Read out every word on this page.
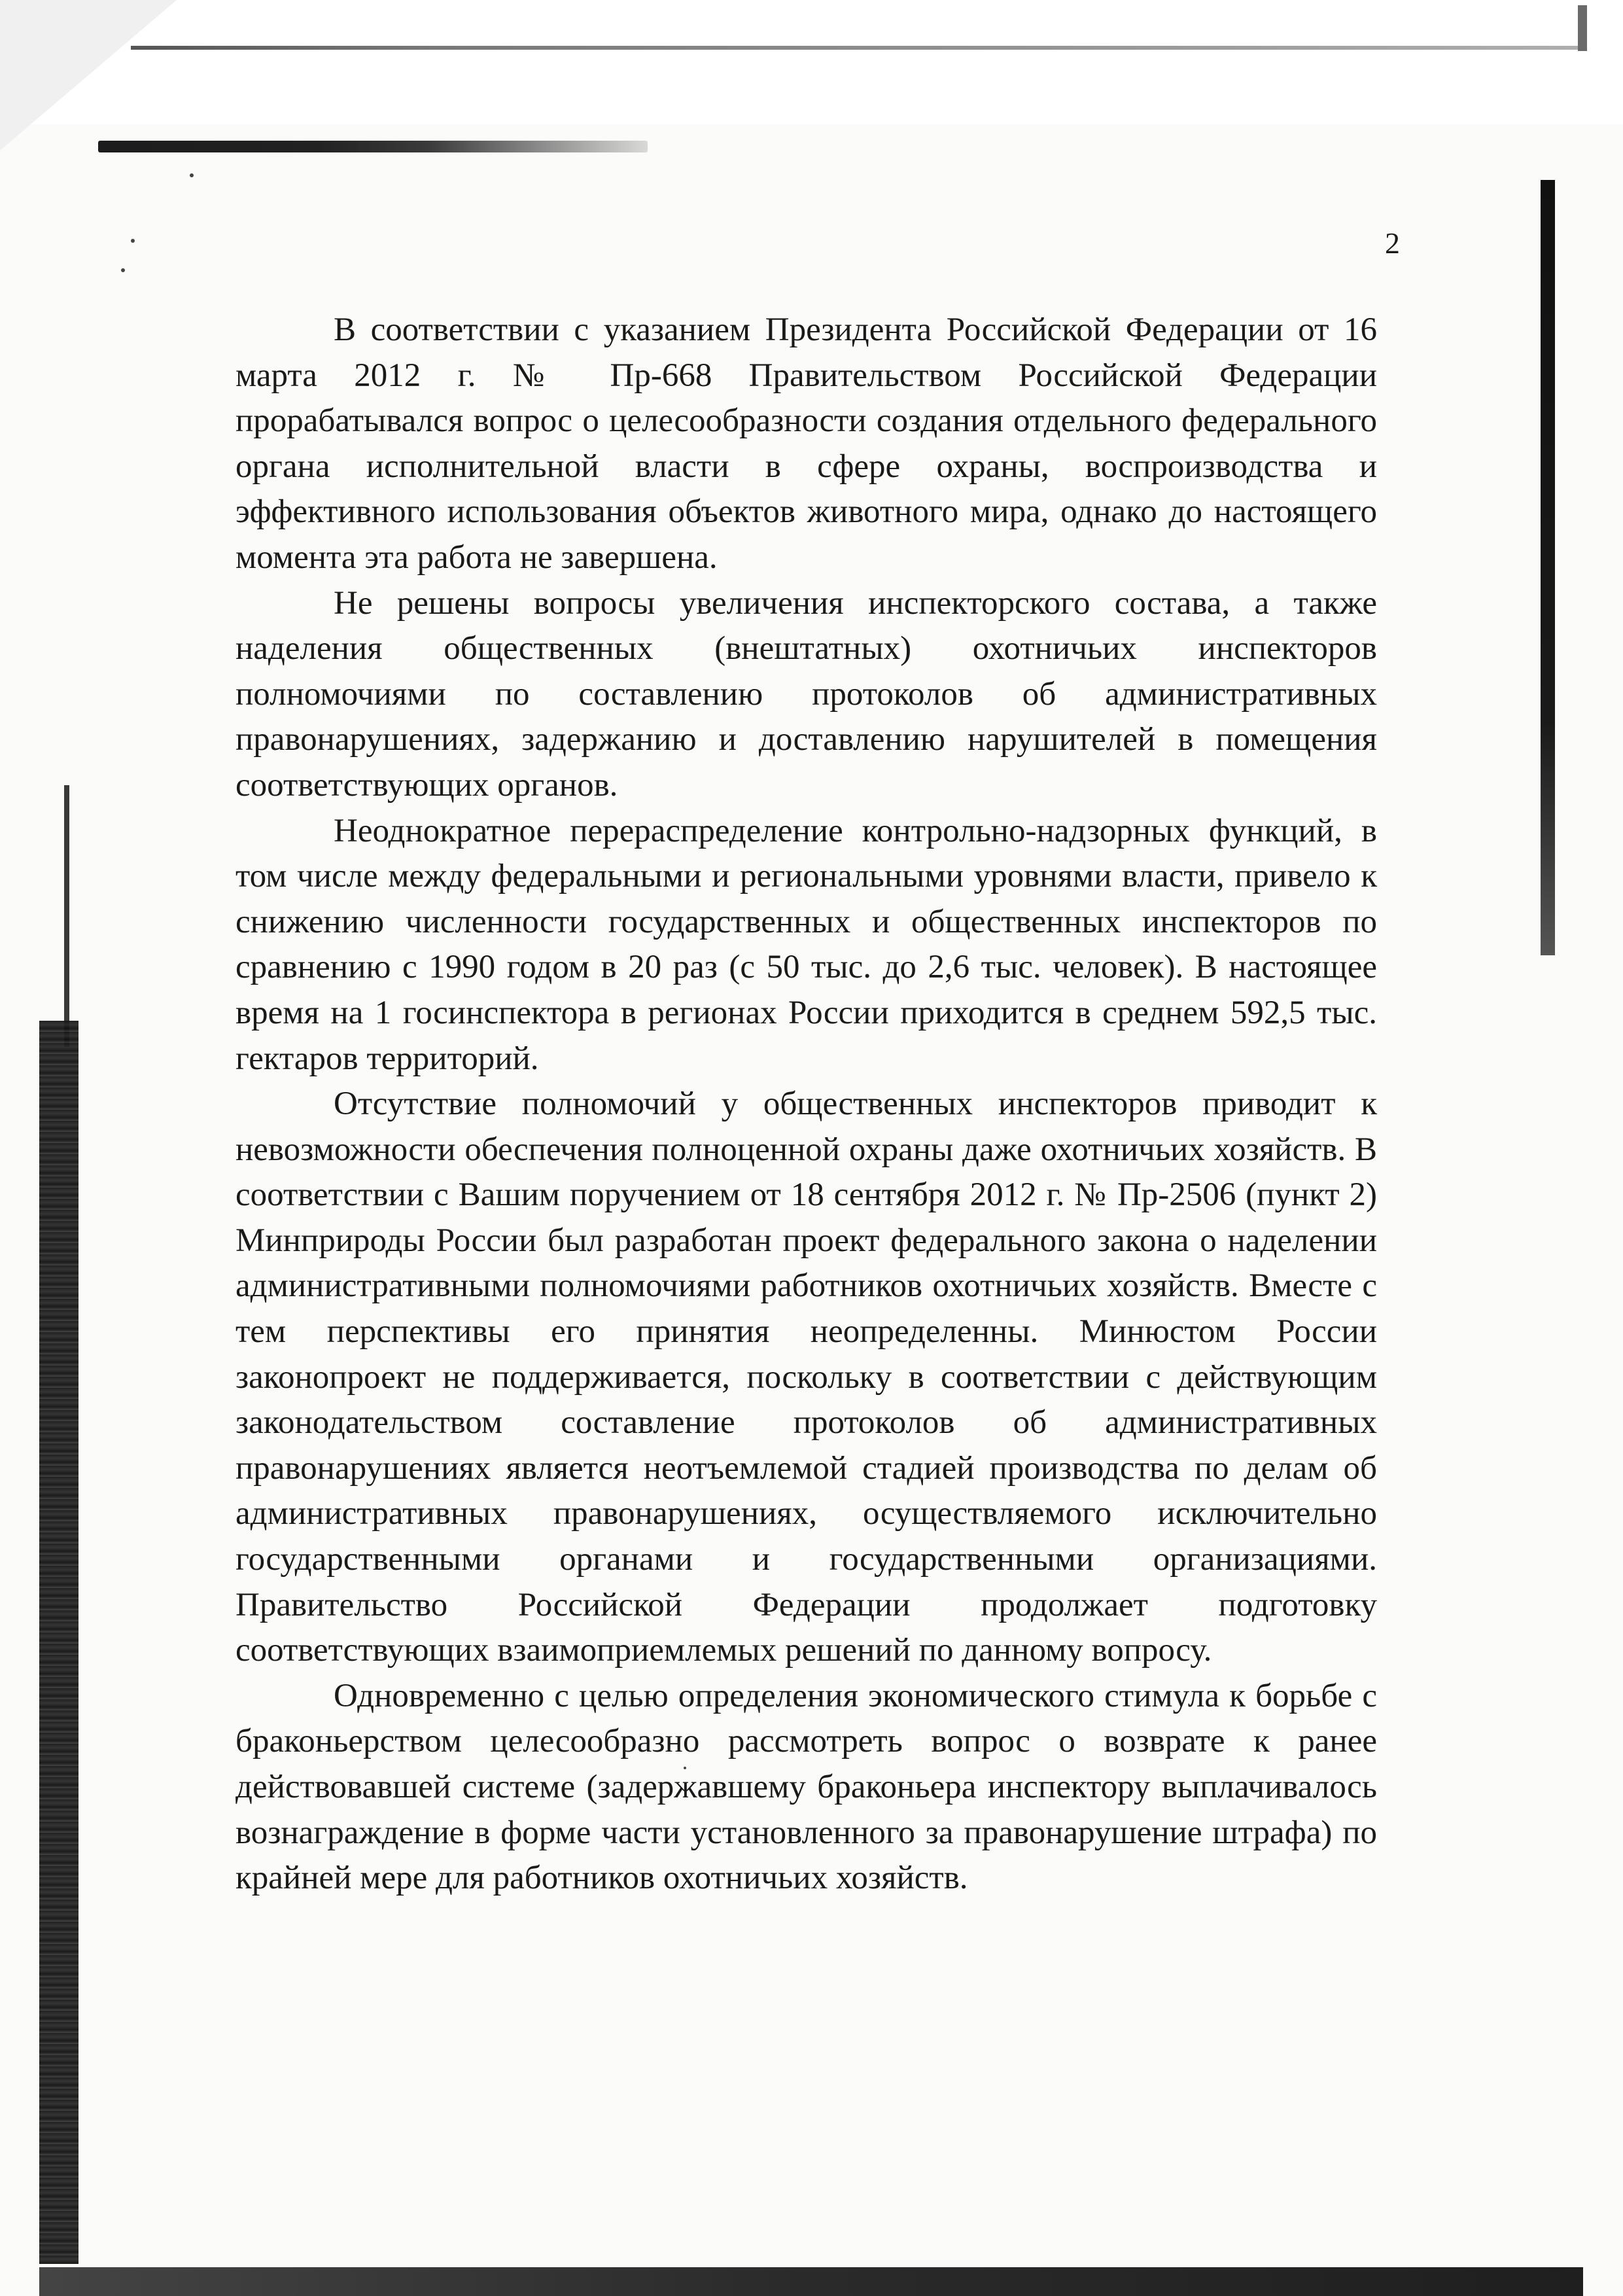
2

В соответствии с указанием Президента Российской Федерации от 16 марта 2012 г. № Пр-668 Правительством Российской Федерации прорабатывался вопрос о целесообразности создания отдельного федерального органа исполнительной власти в сфере охраны, воспроизводства и эффективного использования объектов животного мира, однако до настоящего момента эта работа не завершена.

Не решены вопросы увеличения инспекторского состава, а также наделения общественных (внештатных) охотничьих инспекторов полномочиями по составлению протоколов об административных правонарушениях, задержанию и доставлению нарушителей в помещения соответствующих органов.

Неоднократное перераспределение контрольно-надзорных функций, в том числе между федеральными и региональными уровнями власти, привело к снижению численности государственных и общественных инспекторов по сравнению с 1990 годом в 20 раз (с 50 тыс. до 2,6 тыс. человек). В настоящее время на 1 госинспектора в регионах России приходится в среднем 592,5 тыс. гектаров территорий.

Отсутствие полномочий у общественных инспекторов приводит к невозможности обеспечения полноценной охраны даже охотничьих хозяйств. В соответствии с Вашим поручением от 18 сентября 2012 г. № Пр-2506 (пункт 2) Минприроды России был разработан проект федерального закона о наделении административными полномочиями работников охотничьих хозяйств. Вместе с тем перспективы его принятия неопределенны. Минюстом России законопроект не поддерживается, поскольку в соответствии с действующим законодательством составление протоколов об административных правонарушениях является неотъемлемой стадией производства по делам об административных правонарушениях, осуществляемого исключительно государственными органами и государственными организациями. Правительство Российской Федерации продолжает подготовку соответствующих взаимоприемлемых решений по данному вопросу.

Одновременно с целью определения экономического стимула к борьбе с браконьерством целесообразно рассмотреть вопрос о возврате к ранее действовавшей системе (задержавшему браконьера инспектору выплачивалось вознаграждение в форме части установленного за правонарушение штрафа) по крайней мере для работников охотничьих хозяйств.
